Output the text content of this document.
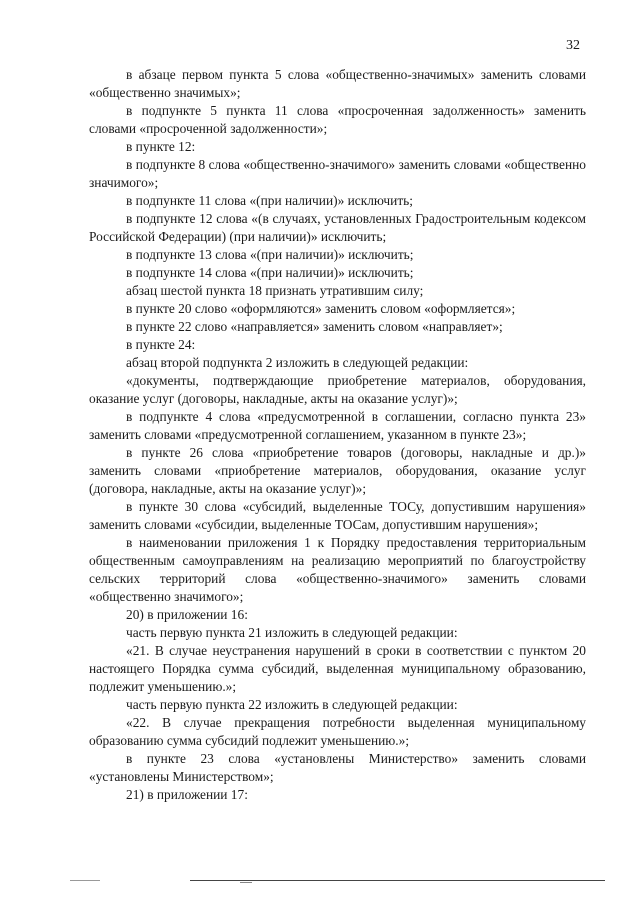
32

в абзаце первом пункта 5 слова «общественно-значимых» заменить словами «общественно значимых»;

в подпункте 5 пункта 11 слова «просроченная задолженность» заменить словами «просроченной задолженности»;

в пункте 12:

в подпункте 8 слова «общественно-значимого» заменить словами «общественно значимого»;

в подпункте 11 слова «(при наличии)» исключить;

в подпункте 12 слова «(в случаях, установленных Градостроительным кодексом Российской Федерации) (при наличии)» исключить;

в подпункте 13 слова «(при наличии)» исключить;

в подпункте 14 слова «(при наличии)» исключить;

абзац шестой пункта 18 признать утратившим силу;

в пункте 20 слово «оформляются» заменить словом «оформляется»;

в пункте 22 слово «направляется» заменить словом «направляет»;

в пункте 24:

абзац второй подпункта 2 изложить в следующей редакции:

«документы, подтверждающие приобретение материалов, оборудования, оказание услуг (договоры, накладные, акты на оказание услуг)»;

в подпункте 4 слова «предусмотренной в соглашении, согласно пункта 23» заменить словами «предусмотренной соглашением, указанном в пункте 23»;

в пункте 26 слова «приобретение товаров (договоры, накладные и др.)» заменить словами «приобретение материалов, оборудования, оказание услуг (договора, накладные, акты на оказание услуг)»;

в пункте 30 слова «субсидий, выделенные ТОСу, допустившим нарушения» заменить словами «субсидии, выделенные ТОСам, допустившим нарушения»;

в наименовании приложения 1 к Порядку предоставления территориальным общественным самоуправлениям на реализацию мероприятий по благоустройству сельских территорий слова «общественно-значимого» заменить словами «общественно значимого»;

20) в приложении 16:

часть первую пункта 21 изложить в следующей редакции:

«21. В случае неустранения нарушений в сроки в соответствии с пунктом 20 настоящего Порядка сумма субсидий, выделенная муниципальному образованию, подлежит уменьшению.»;

часть первую пункта 22 изложить в следующей редакции:

«22. В случае прекращения потребности выделенная муниципальному образованию сумма субсидий подлежит уменьшению.»;

в пункте 23 слова «установлены Министерство» заменить словами «установлены Министерством»;

21) в приложении 17:
